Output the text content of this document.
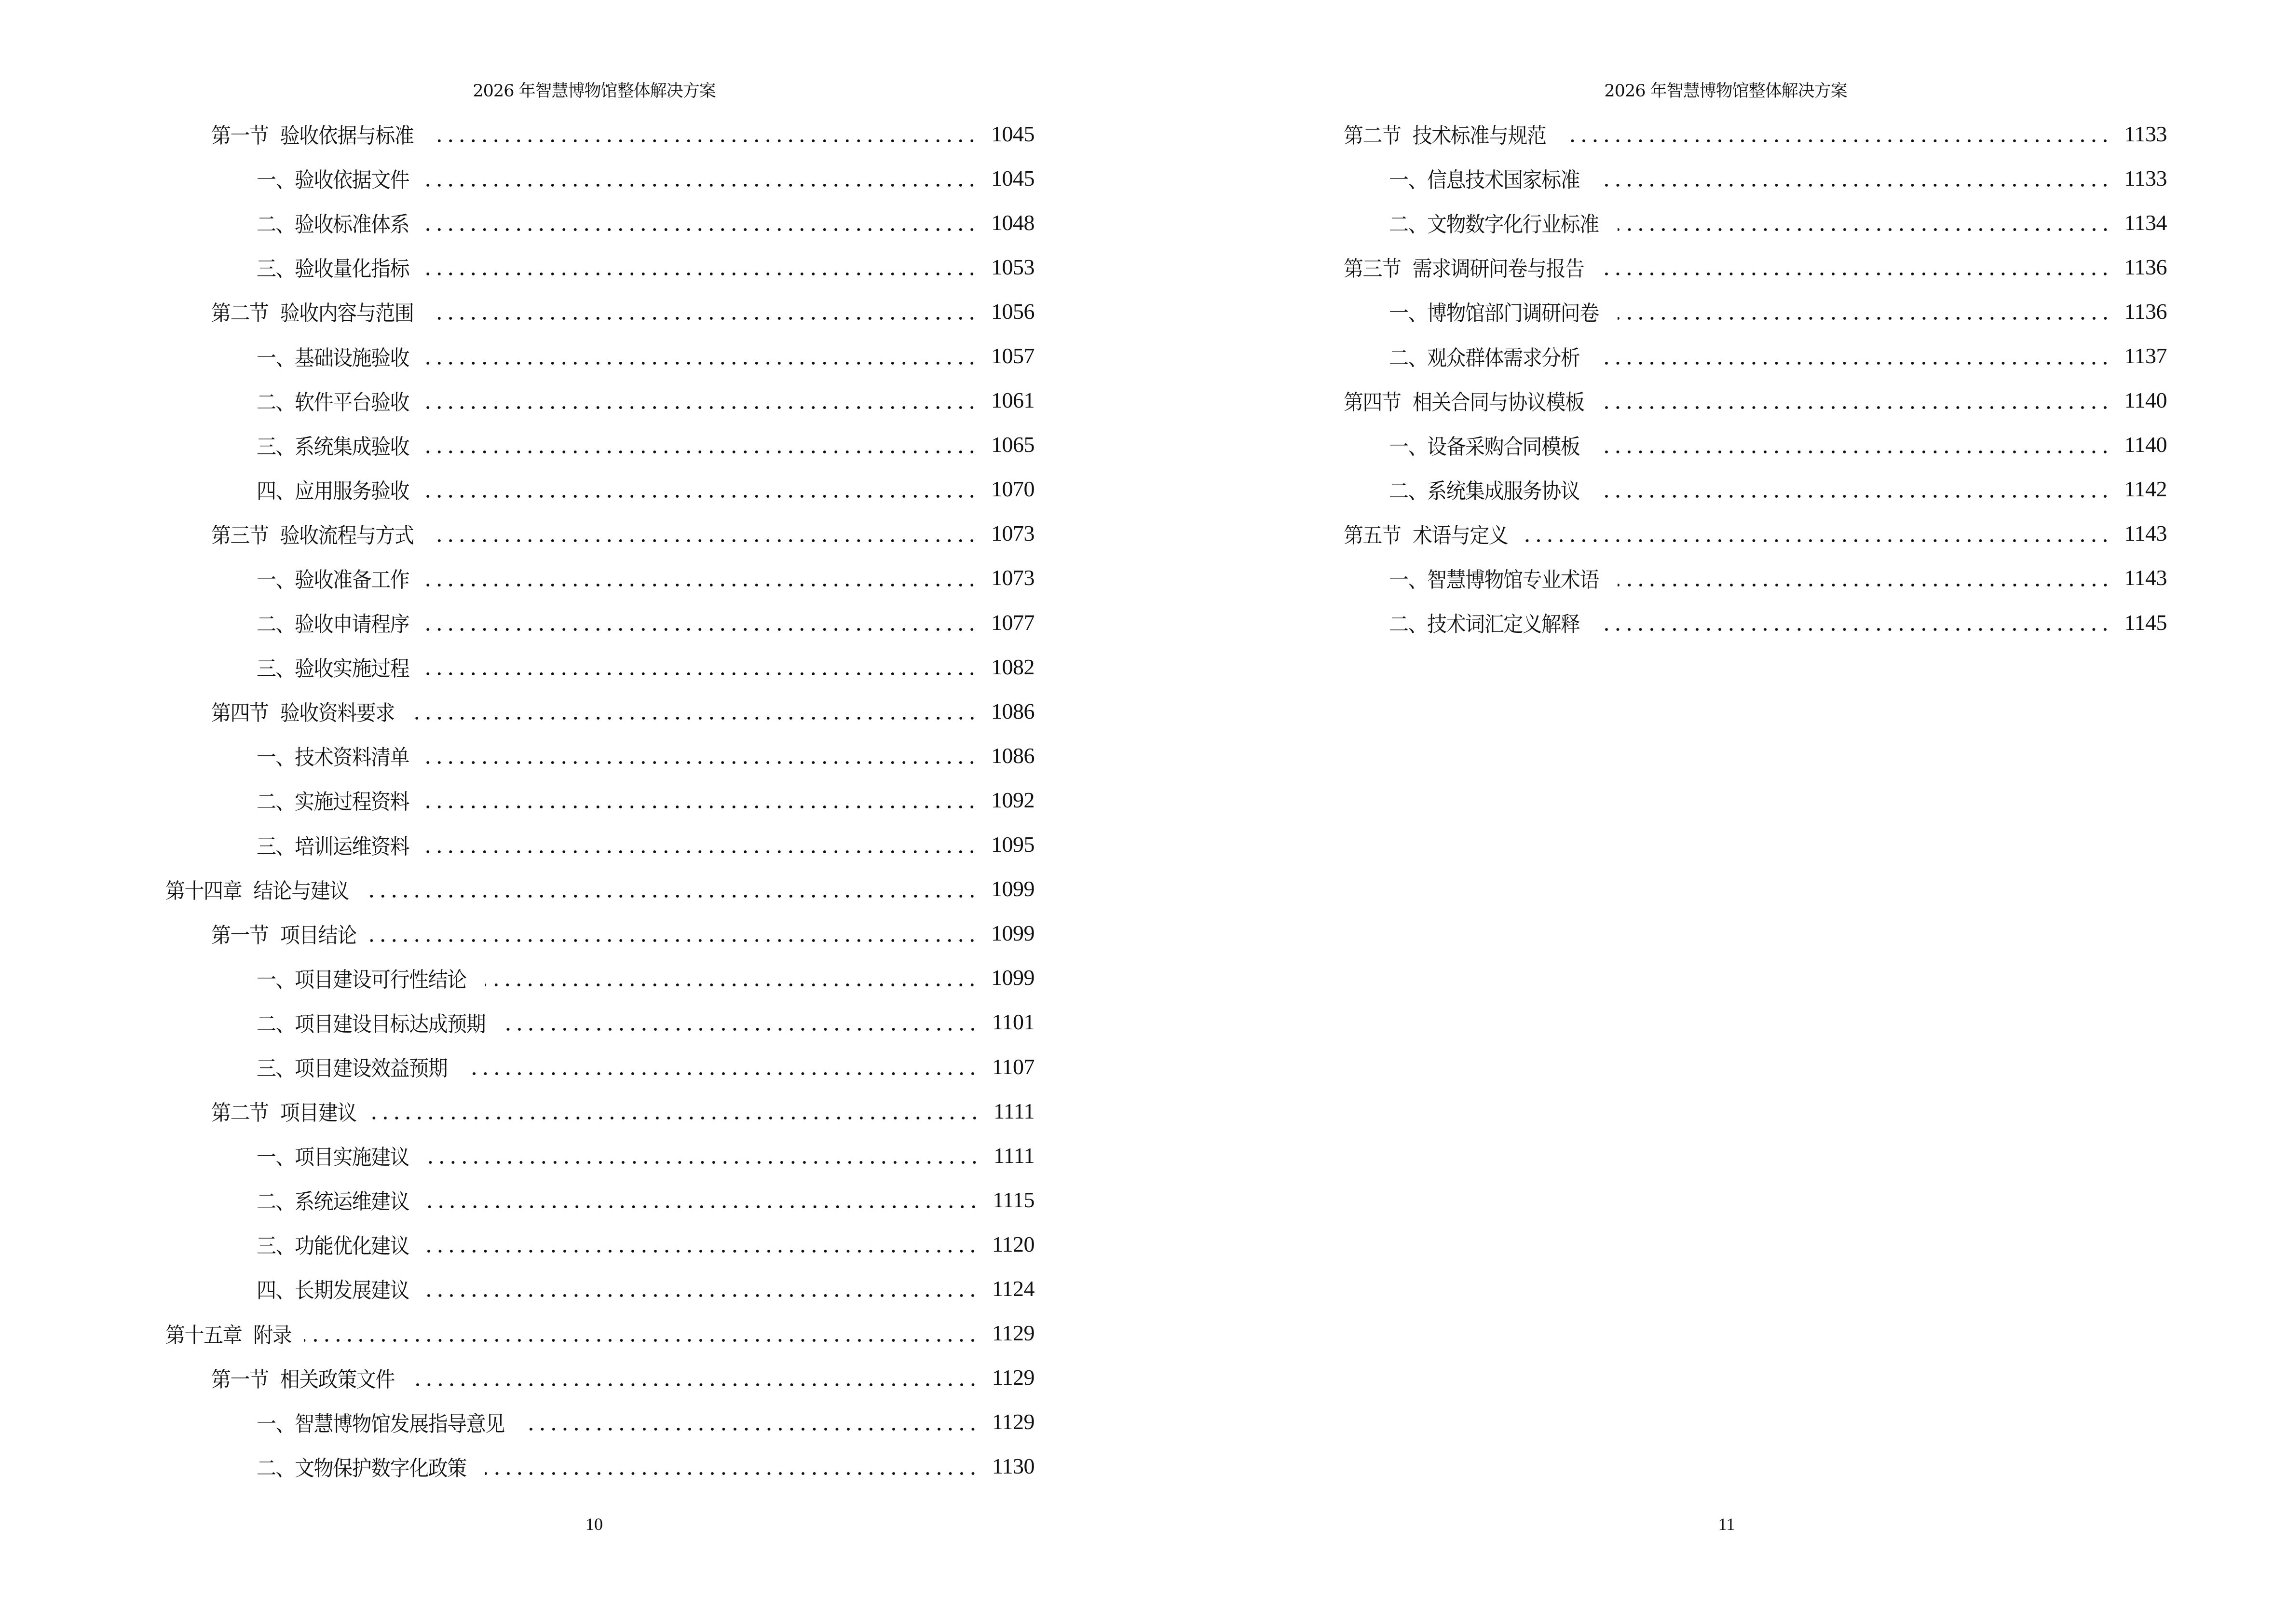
2026 年智慧博物馆整体解决方案
第一节 验收依据与标准	1045
一、 验收依据文件	1045
二、 验收标准体系	1048
三、 验收量化指标	1053
第二节 验收内容与范围	1056
一、 基础设施验收	1057
二、 软件平台验收	1061
三、 系统集成验收	1065
四、 应用服务验收	1070
第三节 验收流程与方式	1073
一、 验收准备工作	1073
二、 验收申请程序	1077
三、 验收实施过程	1082
第四节 验收资料要求	1086
一、 技术资料清单	1086
二、 实施过程资料	1092
三、 培训运维资料	1095
第十四章 结论与建议	1099
第一节 项目结论	1099
一、 项目建设可行性结论	1099
二、 项目建设目标达成预期	1101
三、 项目建设效益预期	1107
第二节 项目建议	1111
一、 项目实施建议	1111
二、 系统运维建议	1115
三、 功能优化建议	1120
四、 长期发展建议	1124
第十五章 附录	1129
第一节 相关政策文件	1129
一、 智慧博物馆发展指导意见	1129
二、 文物保护数字化政策	1130
10
2026 年智慧博物馆整体解决方案
第二节 技术标准与规范	1133
一、 信息技术国家标准	1133
二、 文物数字化行业标准	1134
第三节 需求调研问卷与报告	1136
一、 博物馆部门调研问卷	1136
二、 观众群体需求分析	1137
第四节 相关合同与协议模板	1140
一、 设备采购合同模板	1140
二、 系统集成服务协议	1142
第五节 术语与定义	1143
一、 智慧博物馆专业术语	1143
二、 技术词汇定义解释	1145
11
